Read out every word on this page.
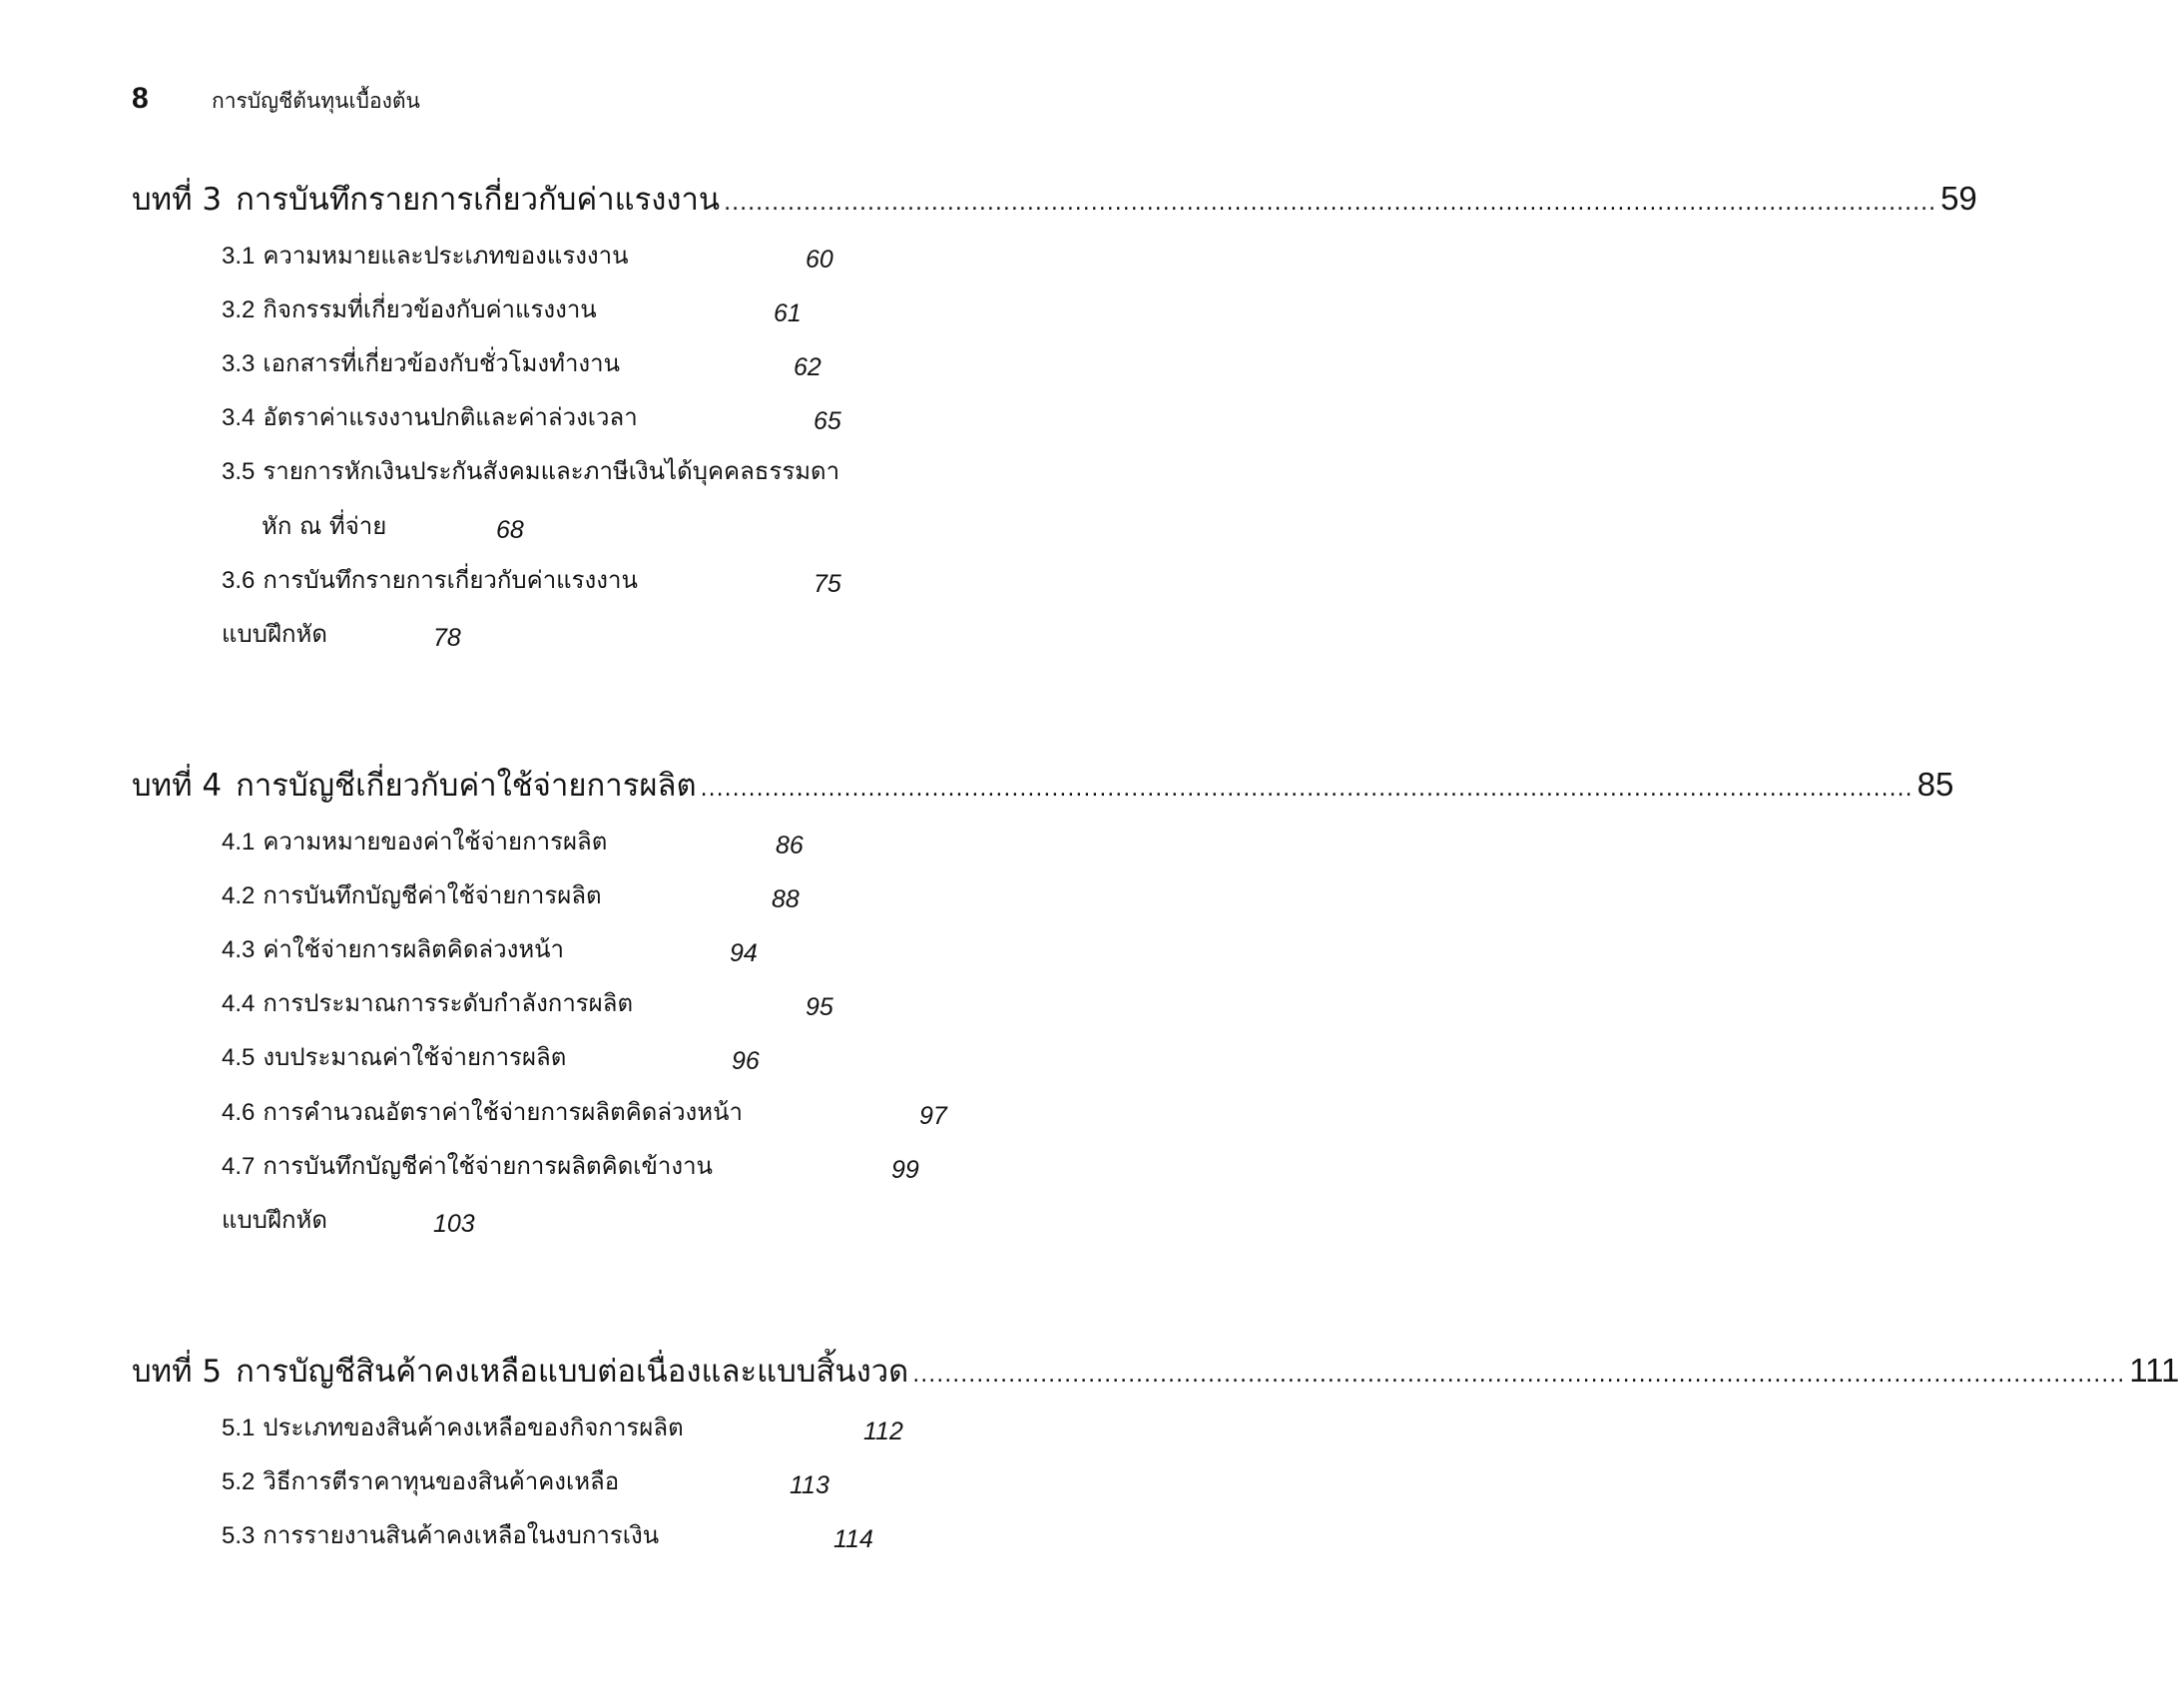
8	การบัญชีต้นทุนเบื้องต้น
บทที่ 3 การบันทึกรายการเกี่ยวกับค่าแรงงาน ........................................................................................................................................................ 59
3.1 ความหมายและประเภทของแรงงาน	60
3.2 กิจกรรมที่เกี่ยวข้องกับค่าแรงงาน	61
3.3 เอกสารที่เกี่ยวข้องกับชั่วโมงทำงาน	62
3.4 อัตราค่าแรงงานปกติและค่าล่วงเวลา	65
3.5 รายการหักเงินประกันสังคมและภาษีเงินได้บุคคลธรรมดา
หัก ณ ที่จ่าย	68
3.6 การบันทึกรายการเกี่ยวกับค่าแรงงาน	75
แบบฝึกหัด	78
บทที่ 4 การบัญชีเกี่ยวกับค่าใช้จ่ายการผลิต ........................................................................................................................................................ 85
4.1 ความหมายของค่าใช้จ่ายการผลิต	86
4.2 การบันทึกบัญชีค่าใช้จ่ายการผลิต	88
4.3 ค่าใช้จ่ายการผลิตคิดล่วงหน้า	94
4.4 การประมาณการระดับกำลังการผลิต	95
4.5 งบประมาณค่าใช้จ่ายการผลิต	96
4.6 การคำนวณอัตราค่าใช้จ่ายการผลิตคิดล่วงหน้า	97
4.7 การบันทึกบัญชีค่าใช้จ่ายการผลิตคิดเข้างาน	99
แบบฝึกหัด	103
บทที่ 5 การบัญชีสินค้าคงเหลือแบบต่อเนื่องและแบบสิ้นงวด ........................................................................................................................................................ 111
5.1 ประเภทของสินค้าคงเหลือของกิจการผลิต	112
5.2 วิธีการตีราคาทุนของสินค้าคงเหลือ	113
5.3 การรายงานสินค้าคงเหลือในงบการเงิน	114
